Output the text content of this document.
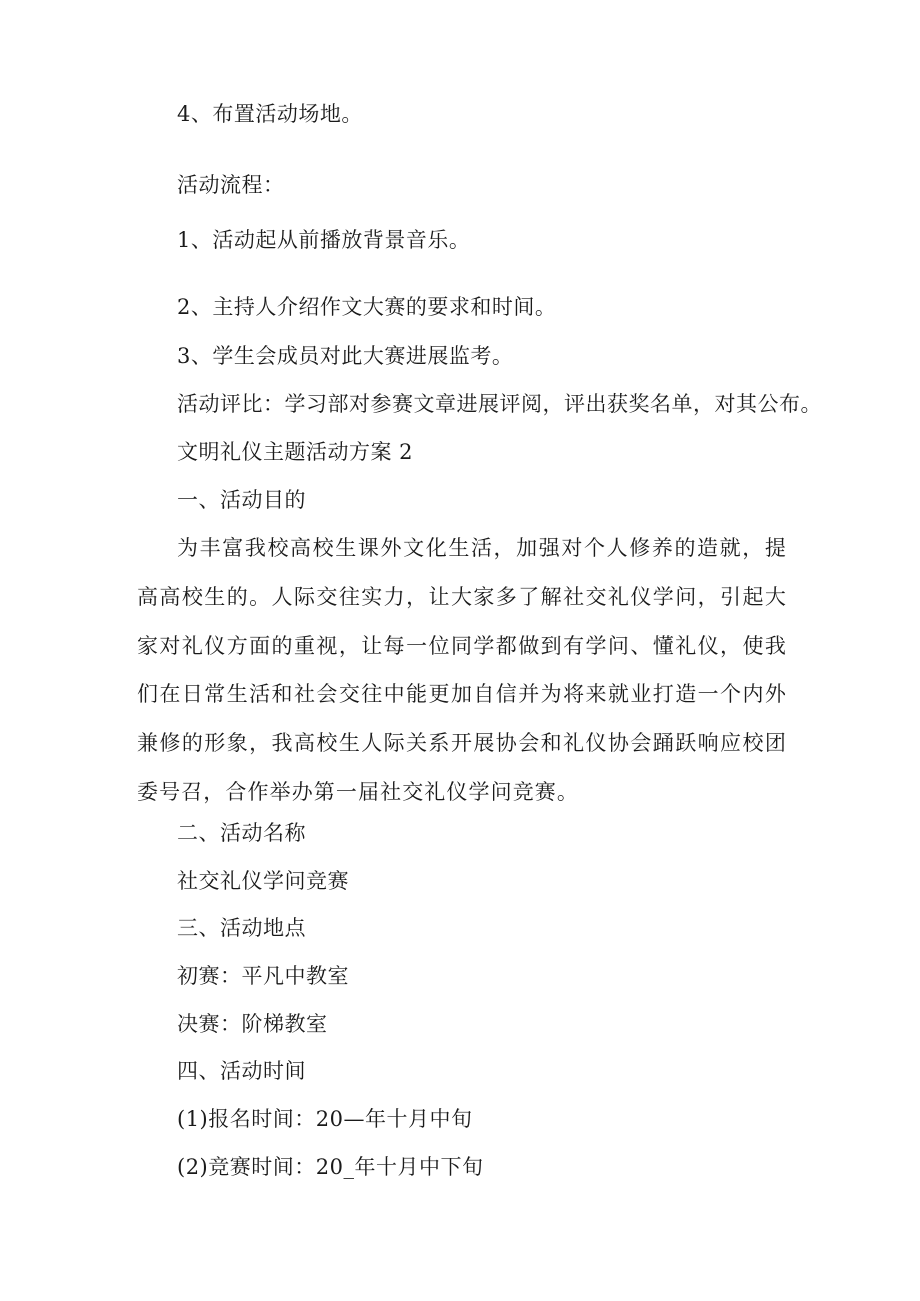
4、布置活动场地。
活动流程：
1、活动起从前播放背景音乐。
2、主持人介绍作文大赛的要求和时间。
3、学生会成员对此大赛进展监考。
活动评比：学习部对参赛文章进展评阅，评出获奖名单，对其公布。
文明礼仪主题活动方案 2
一、活动目的
为丰富我校高校生课外文化生活，加强对个人修养的造就，提高高校生的。人际交往实力，让大家多了解社交礼仪学问，引起大家对礼仪方面的重视，让每一位同学都做到有学问、懂礼仪，使我们在日常生活和社会交往中能更加自信并为将来就业打造一个内外兼修的形象，我高校生人际关系开展协会和礼仪协会踊跃响应校团委号召，合作举办第一届社交礼仪学问竞赛。
二、活动名称
社交礼仪学问竞赛
三、活动地点
初赛：平凡中教室
决赛：阶梯教室
四、活动时间
(1)报名时间：20—年十月中旬
(2)竞赛时间：20_年十月中下旬
